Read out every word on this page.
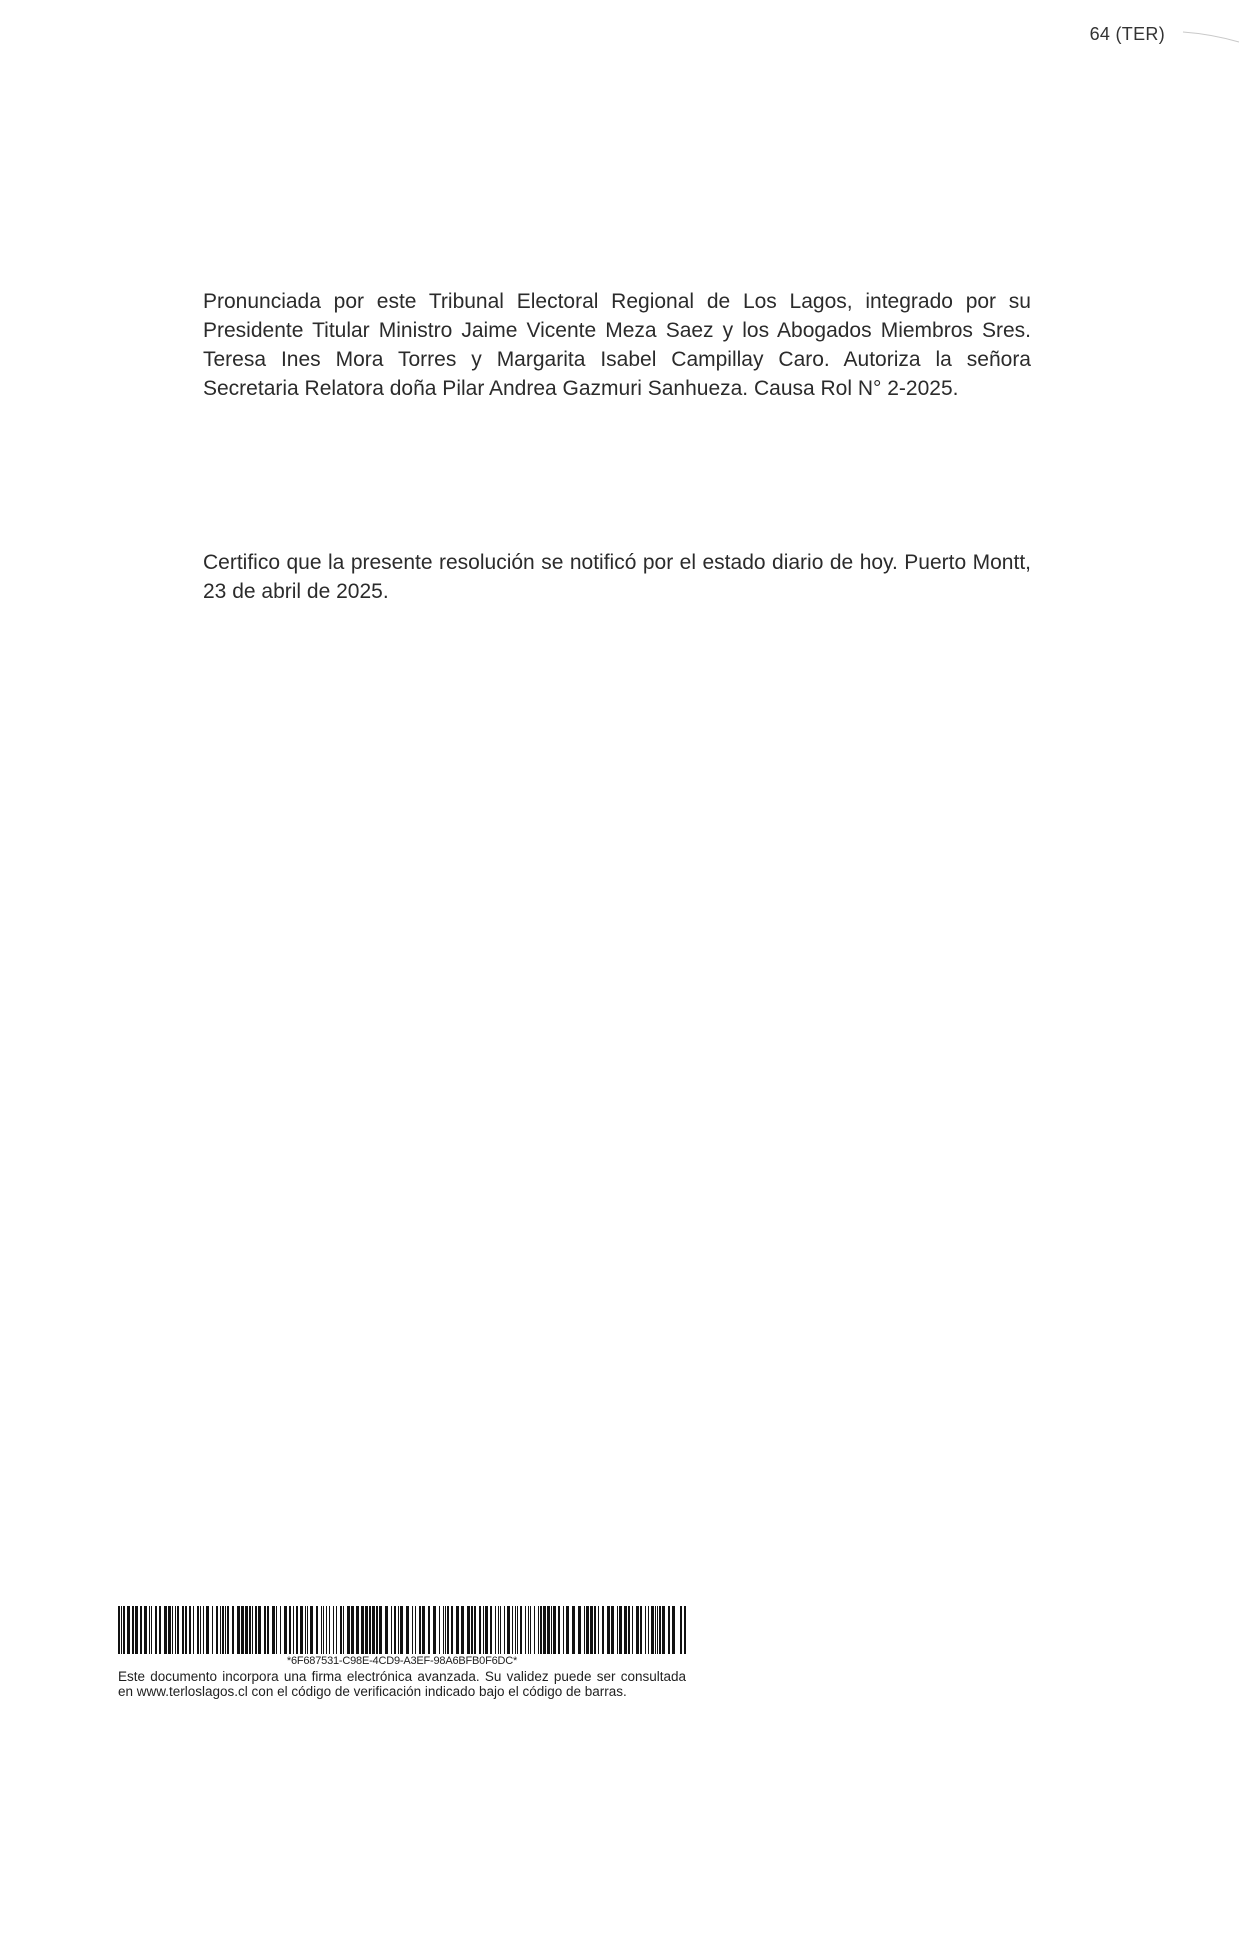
64 (TER)
Pronunciada por este Tribunal Electoral Regional de Los Lagos, integrado por su Presidente Titular Ministro Jaime Vicente Meza Saez y los Abogados Miembros Sres. Teresa Ines Mora Torres y Margarita Isabel Campillay Caro. Autoriza la señora Secretaria Relatora doña Pilar Andrea Gazmuri Sanhueza. Causa Rol N° 2-2025.
Certifico que la presente resolución se notificó por el estado diario de hoy. Puerto Montt, 23 de abril de 2025.
*6F687531-C98E-4CD9-A3EF-98A6BFB0F6DC*
Este documento incorpora una firma electrónica avanzada. Su validez puede ser consultada en www.terloslagos.cl con el código de verificación indicado bajo el código de barras.
